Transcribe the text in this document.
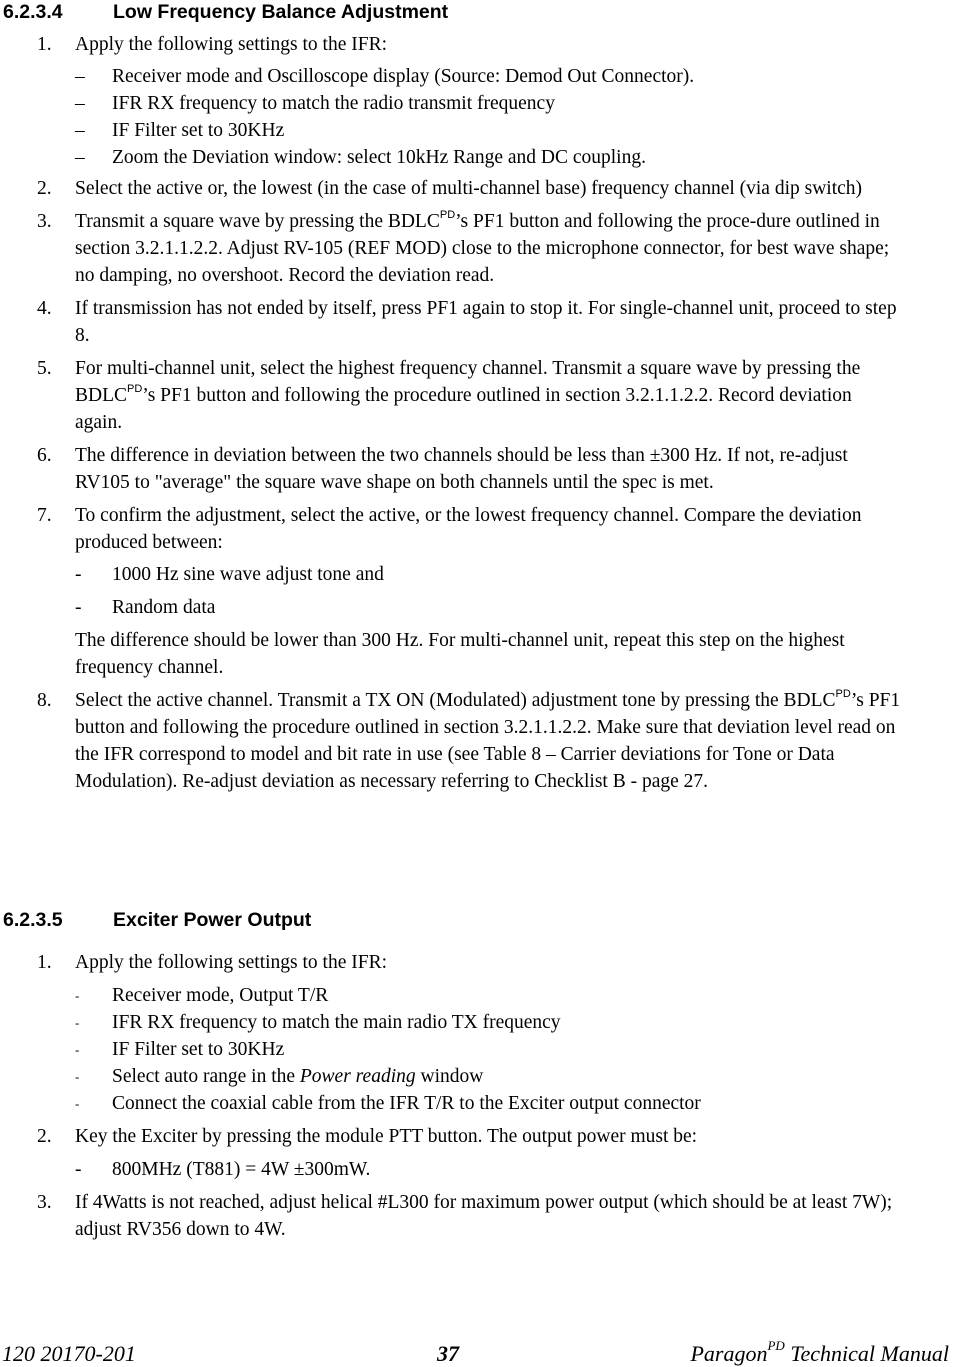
6.2.3.4	Low Frequency Balance Adjustment
1. Apply the following settings to the IFR:
– Receiver mode and Oscilloscope display (Source: Demod Out Connector).
– IFR RX frequency to match the radio transmit frequency
– IF Filter set to 30KHz
– Zoom the Deviation window: select 10kHz Range and DC coupling.
2. Select the active or, the lowest (in the case of multi-channel base) frequency channel (via dip switch)
3. Transmit a square wave by pressing the $BDLC^{PD}’s$ PF1 button and following the proce-dure outlined in section 3.2.1.1.2.2. Adjust RV-105 (REF MOD) close to the microphone connector, for best wave shape; no damping, no overshoot. Record the deviation read.
4. If transmission has not ended by itself, press PF1 again to stop it. For single-channel unit, proceed to step 8.
5. For multi-channel unit, select the highest frequency channel. Transmit a square wave by pressing the $BDLC^{PD}’s$ PF1 button and following the procedure outlined in section 3.2.1.1.2.2. Record deviation again.
6. The difference in deviation between the two channels should be less than ±300 Hz. If not, re-adjust RV105 to "average" the square wave shape on both channels until the spec is met.
7. To confirm the adjustment, select the active, or the lowest frequency channel. Compare the deviation produced between:
- 1000 Hz sine wave adjust tone and
- Random data
The difference should be lower than 300 Hz. For multi-channel unit, repeat this step on the highest frequency channel.
8. Select the active channel. Transmit a TX ON (Modulated) adjustment tone by pressing the $BDLC^{PD}’s$ PF1 button and following the procedure outlined in section 3.2.1.1.2.2. Make sure that deviation level read on the IFR correspond to model and bit rate in use (see Table 8 – Carrier deviations for Tone or Data Modulation). Re-adjust deviation as necessary referring to Checklist B - page 27.
6.2.3.5	Exciter Power Output
1. Apply the following settings to the IFR:
- Receiver mode, Output T/R
- IFR RX frequency to match the main radio TX frequency
- IF Filter set to 30KHz
- Select auto range in the Power reading window
- Connect the coaxial cable from the IFR T/R to the Exciter output connector
2. Key the Exciter by pressing the module PTT button. The output power must be:
- 800MHz (T881) = 4W ±300mW.
3. If 4Watts is not reached, adjust helical #L300 for maximum power output (which should be at least 7W); adjust RV356 down to 4W.
120 20170-201	37	Paragon$^{PD}$ Technical Manual
